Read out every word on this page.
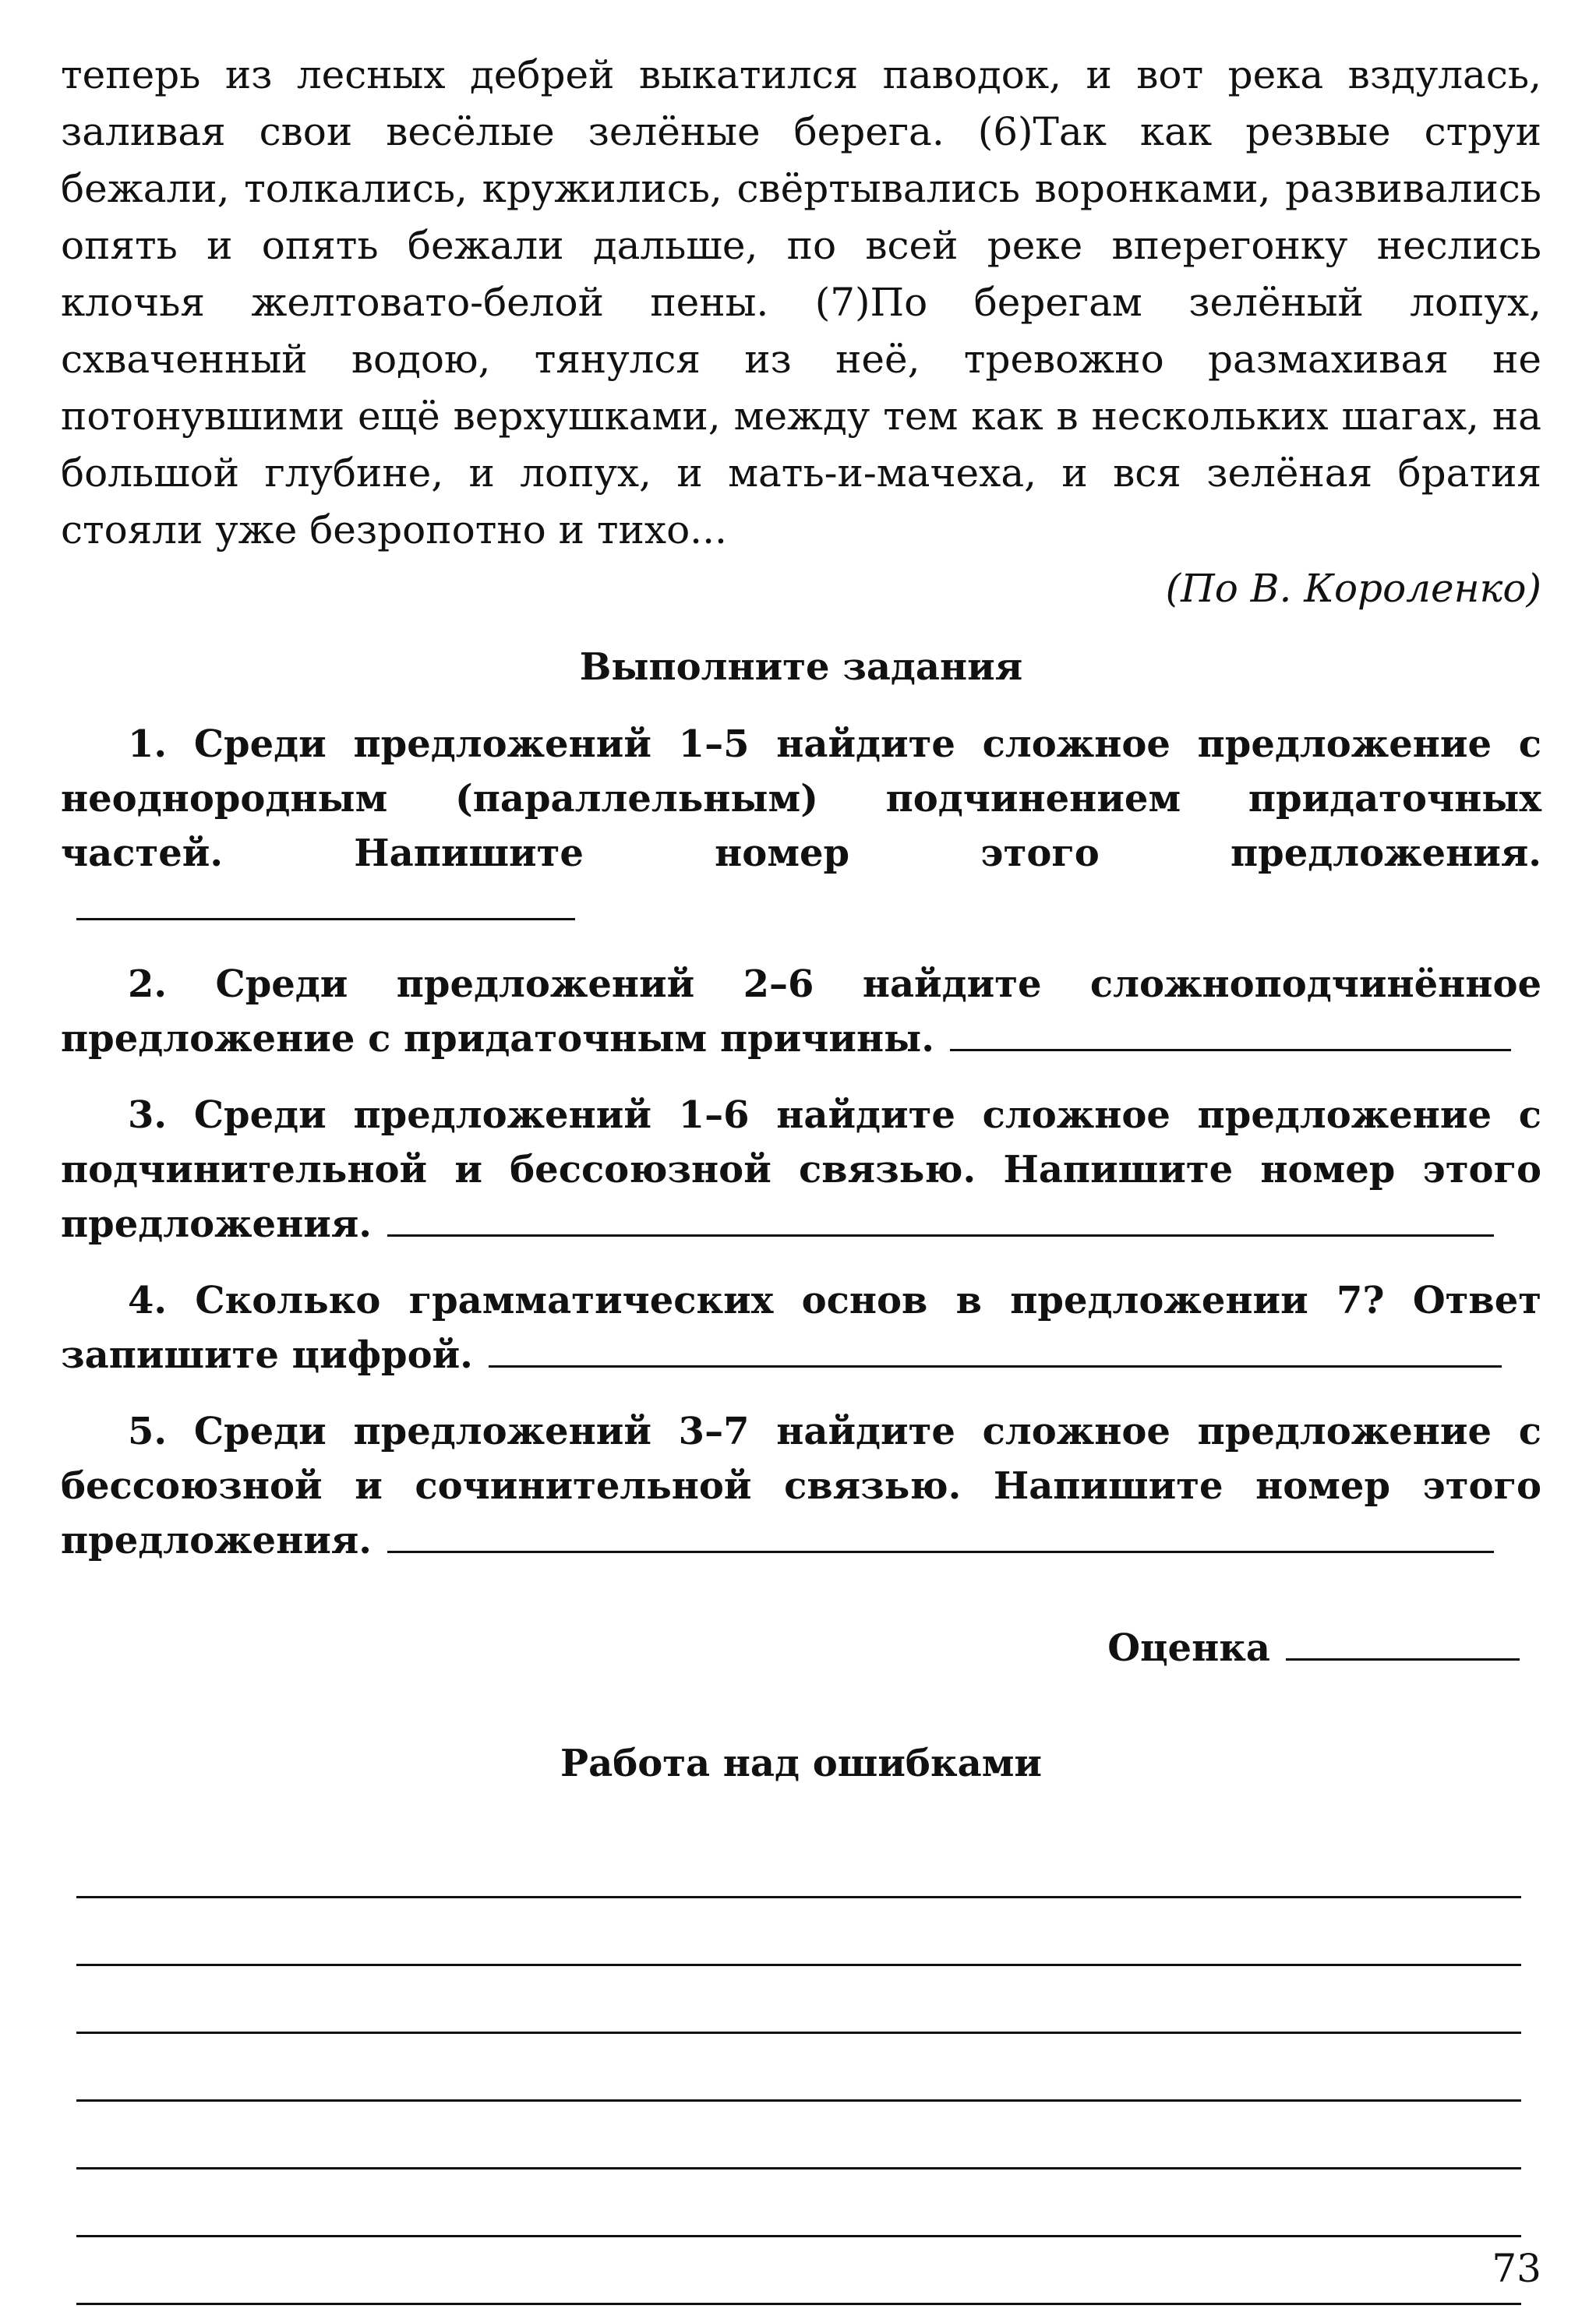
теперь из лесных дебрей выкатился паводок, и вот река вздулась, заливая свои весёлые зелёные берега. (6)Так как резвые струи бежали, толкались, кружились, свёртывались воронками, развивались опять и опять бежали дальше, по всей реке вперегонку неслись клочья желтовато-белой пены. (7)По берегам зелёный лопух, схваченный водою, тянулся из неё, тревожно размахивая не потонувшими ещё верхушками, между тем как в нескольких шагах, на большой глубине, и лопух, и мать-и-мачеха, и вся зелёная братия стояли уже безропотно и тихо...

(По В. Короленко)

Выполните задания

1. Среди предложений 1–5 найдите сложное предложение с неоднородным (параллельным) подчинением придаточных частей. Напишите номер этого предложения.

2. Среди предложений 2–6 найдите сложноподчинённое предложение с придаточным причины.

3. Среди предложений 1–6 найдите сложное предложение с подчинительной и бессоюзной связью. Напишите номер этого предложения.

4. Сколько грамматических основ в предложении 7? Ответ запишите цифрой.

5. Среди предложений 3–7 найдите сложное предложение с бессоюзной и сочинительной связью. Напишите номер этого предложения.

Оценка
Работа над ошибками
73
